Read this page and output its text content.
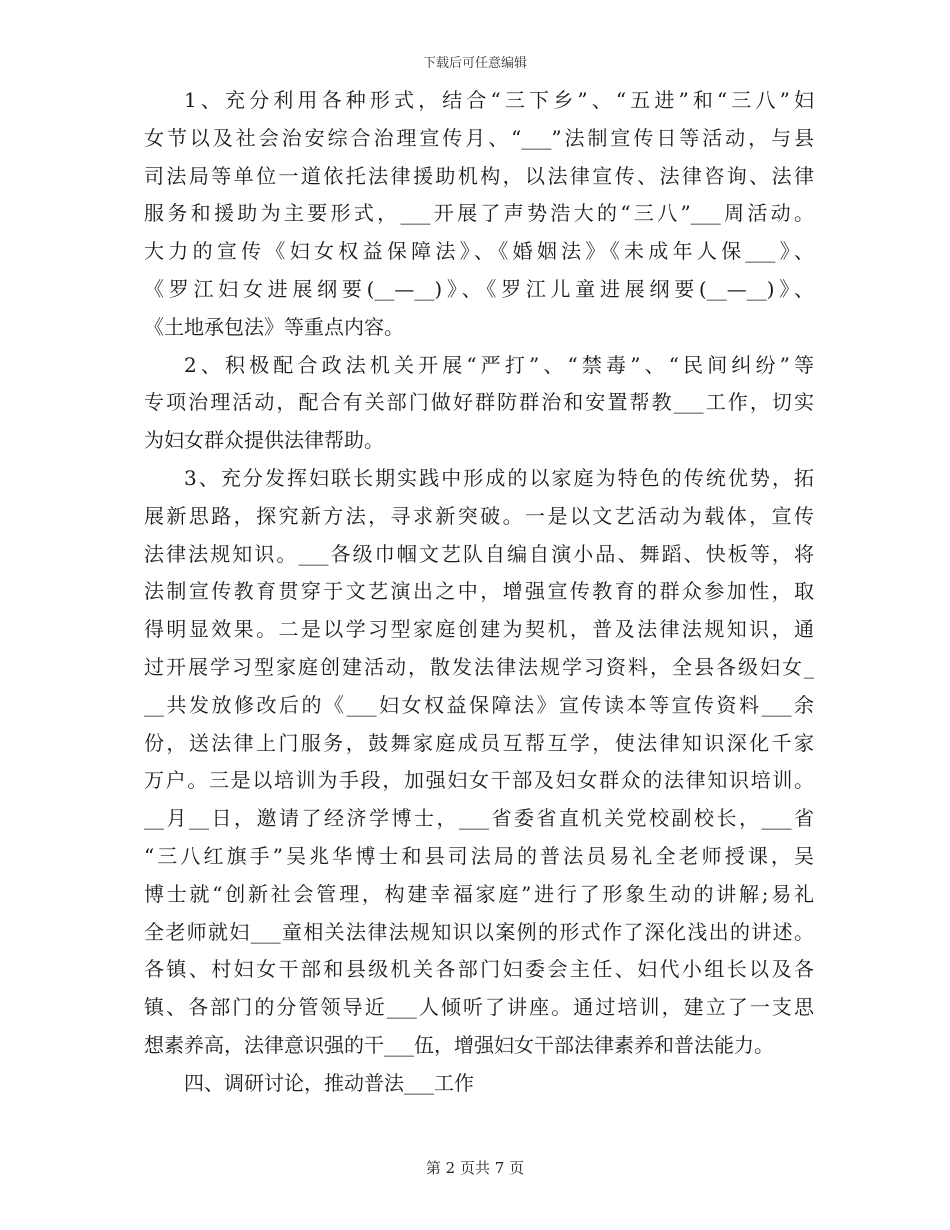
下载后可任意编辑
1、充分利用各种形式，结合“三下乡”、“五进”和“三八”妇
女节以及社会治安综合治理宣传月、“___”法制宣传日等活动，与县
司法局等单位一道依托法律援助机构，以法律宣传、法律咨询、法律
服务和援助为主要形式，___开展了声势浩大的“三八”___周活动。
大力的宣传《妇女权益保障法》、《婚姻法》《未成年人保___》、
《罗江妇女进展纲要(__—__)》、《罗江儿童进展纲要(__—__)》、
《土地承包法》等重点内容。
2、积极配合政法机关开展“严打”、“禁毒”、“民间纠纷”等
专项治理活动，配合有关部门做好群防群治和安置帮教___工作，切实
为妇女群众提供法律帮助。
3、充分发挥妇联长期实践中形成的以家庭为特色的传统优势，拓
展新思路，探究新方法，寻求新突破。一是以文艺活动为载体，宣传
法律法规知识。___各级巾帼文艺队自编自演小品、舞蹈、快板等，将
法制宣传教育贯穿于文艺演出之中，增强宣传教育的群众参加性，取
得明显效果。二是以学习型家庭创建为契机，普及法律法规知识，通
过开展学习型家庭创建活动，散发法律法规学习资料，全县各级妇女_
__共发放修改后的《___妇女权益保障法》宣传读本等宣传资料___余
份，送法律上门服务，鼓舞家庭成员互帮互学，使法律知识深化千家
万户。三是以培训为手段，加强妇女干部及妇女群众的法律知识培训。
__月__日，邀请了经济学博士，___省委省直机关党校副校长，___省
“三八红旗手”吴兆华博士和县司法局的普法员易礼全老师授课，吴
博士就“创新社会管理，构建幸福家庭”进行了形象生动的讲解;易礼
全老师就妇___童相关法律法规知识以案例的形式作了深化浅出的讲述。
各镇、村妇女干部和县级机关各部门妇委会主任、妇代小组长以及各
镇、各部门的分管领导近___人倾听了讲座。通过培训，建立了一支思
想素养高，法律意识强的干___伍，增强妇女干部法律素养和普法能力。
四、调研讨论，推动普法___工作
第 2 页共 7 页
